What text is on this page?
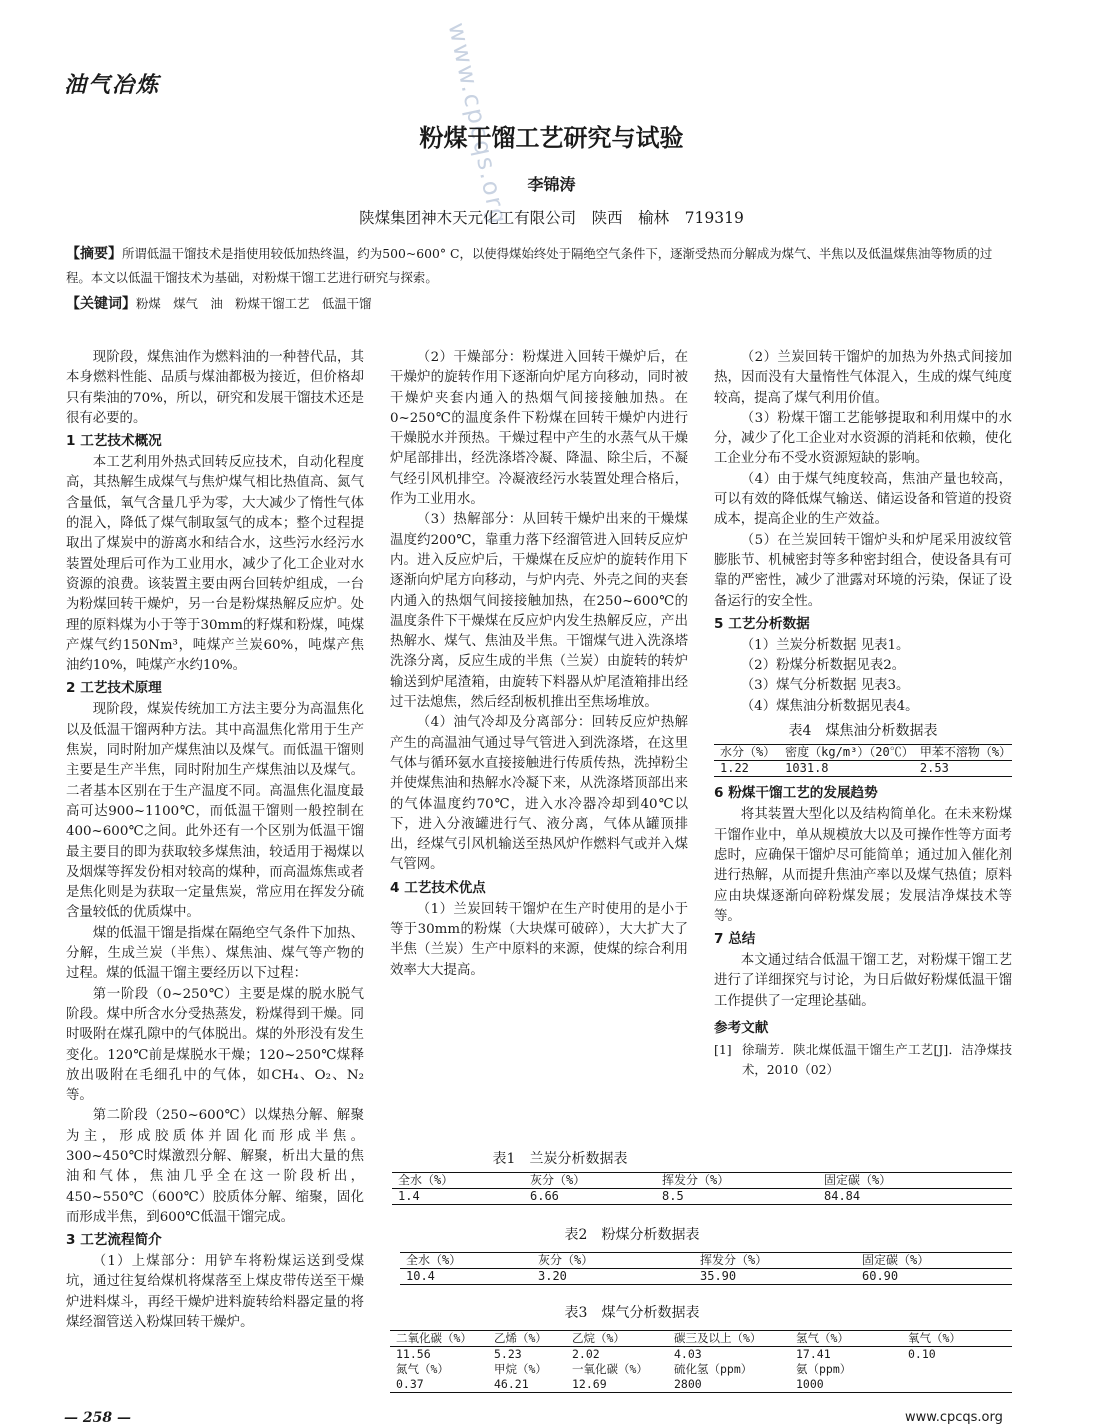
www.cpcqs.org
油气冶炼
粉煤干馏工艺研究与试验
李锦涛
陕煤集团神木天元化工有限公司　陕西　榆林　719319
【摘要】所谓低温干馏技术是指使用较低加热终温，约为500~600° C，以使得煤始终处于隔绝空气条件下，逐渐受热而分解成为煤气、半焦以及低温煤焦油等物质的过程。本文以低温干馏技术为基础，对粉煤干馏工艺进行研究与探索。
【关键词】粉煤　煤气　油　粉煤干馏工艺　低温干馏

现阶段，煤焦油作为燃料油的一种替代品，其本身燃料性能、品质与煤油都极为接近，但价格却只有柴油的70%，所以，研究和发展干馏技术还是很有必要的。

1 工艺技术概况

本工艺利用外热式回转反应技术，自动化程度高，其热解生成煤气与焦炉煤气相比热值高、氮气含量低，氧气含量几乎为零，大大减少了惰性气体的混入，降低了煤气制取氢气的成本；整个过程提取出了煤炭中的游离水和结合水，这些污水经污水装置处理后可作为工业用水，减少了化工企业对水资源的浪费。该装置主要由两台回转炉组成，一台为粉煤回转干燥炉，另一台是粉煤热解反应炉。处理的原料煤为小于等于30mm的籽煤和粉煤，吨煤产煤气约150Nm³，吨煤产兰炭60%，吨煤产焦油约10%，吨煤产水约10%。

2 工艺技术原理

现阶段，煤炭传统加工方法主要分为高温焦化以及低温干馏两种方法。其中高温焦化常用于生产焦炭，同时附加产煤焦油以及煤气。而低温干馏则主要是生产半焦，同时附加生产煤焦油以及煤气。二者基本区别在于生产温度不同。高温焦化温度最高可达900~1100℃，而低温干馏则一般控制在400~600℃之间。此外还有一个区别为低温干馏最主要目的即为获取较多煤焦油，较适用于褐煤以及烟煤等挥发份相对较高的煤种，而高温炼焦或者是焦化则是为获取一定量焦炭，常应用在挥发分硫含量较低的优质煤中。

煤的低温干馏是指煤在隔绝空气条件下加热、分解，生成兰炭（半焦）、煤焦油、煤气等产物的过程。煤的低温干馏主要经历以下过程：

第一阶段（0~250℃）主要是煤的脱水脱气阶段。煤中所含水分受热蒸发，粉煤得到干燥。同时吸附在煤孔隙中的气体脱出。煤的外形没有发生变化。120℃前是煤脱水干燥；120~250℃煤释放出吸附在毛细孔中的气体，如CH₄、O₂、N₂等。

第二阶段（250~600℃）以煤热分解、解聚为主，形成胶质体并固化而形成半焦。300~450℃时煤激烈分解、解聚，析出大量的焦油和气体，焦油几乎全在这一阶段析出，450~550℃（600℃）胶质体分解、缩聚，固化而形成半焦，到600℃低温干馏完成。

3 工艺流程简介

（1）上煤部分：用铲车将粉煤运送到受煤坑，通过往复给煤机将煤落至上煤皮带传送至干燥炉进料煤斗，再经干燥炉进料旋转给料器定量的将煤经溜管送入粉煤回转干燥炉。

（2）干燥部分：粉煤进入回转干燥炉后，在干燥炉的旋转作用下逐渐向炉尾方向移动，同时被干燥炉夹套内通入的热烟气间接接触加热。在0~250℃的温度条件下粉煤在回转干燥炉内进行干燥脱水并预热。干燥过程中产生的水蒸气从干燥炉尾部排出，经洗涤塔冷凝、降温、除尘后，不凝气经引风机排空。冷凝液经污水装置处理合格后，作为工业用水。

（3）热解部分：从回转干燥炉出来的干燥煤温度约200℃，靠重力落下经溜管进入回转反应炉内。进入反应炉后，干燥煤在反应炉的旋转作用下逐渐向炉尾方向移动，与炉内壳、外壳之间的夹套内通入的热烟气间接接触加热，在250~600℃的温度条件下干燥煤在反应炉内发生热解反应，产出热解水、煤气、焦油及半焦。干馏煤气进入洗涤塔洗涤分离，反应生成的半焦（兰炭）由旋转的转炉输送到炉尾渣箱，由旋转下料器从炉尾渣箱排出经过干法熄焦，然后经刮板机推出至焦场堆放。

（4）油气冷却及分离部分：回转反应炉热解产生的高温油气通过导气管进入到洗涤塔，在这里气体与循环氨水直接接触进行传质传热，洗掉粉尘并使煤焦油和热解水冷凝下来，从洗涤塔顶部出来的气体温度约70℃，进入水冷器冷却到40℃以下，进入分液罐进行气、液分离，气体从罐顶排出，经煤气引风机输送至热风炉作燃料气或并入煤气管网。

4 工艺技术优点

（1）兰炭回转干馏炉在生产时使用的是小于等于30mm的粉煤（大块煤可破碎），大大扩大了半焦（兰炭）生产中原料的来源，使煤的综合利用效率大大提高。

（2）兰炭回转干馏炉的加热为外热式间接加热，因而没有大量惰性气体混入，生成的煤气纯度较高，提高了煤气利用价值。

（3）粉煤干馏工艺能够提取和利用煤中的水分，减少了化工企业对水资源的消耗和依赖，使化工企业分布不受水资源短缺的影响。

（4）由于煤气纯度较高，焦油产量也较高，可以有效的降低煤气输送、储运设备和管道的投资成本，提高企业的生产效益。

（5）在兰炭回转干馏炉头和炉尾采用波纹管膨胀节、机械密封等多种密封组合，使设备具有可靠的严密性，减少了泄露对环境的污染，保证了设备运行的安全性。

5 工艺分析数据

（1）兰炭分析数据 见表1。

（2）粉煤分析数据见表2。

（3）煤气分析数据 见表3。

（4）煤焦油分析数据见表4。

表4　煤焦油分析数据表
水分（%）	密度（kg/m³）（20℃）	甲苯不溶物（%）
1.22	1031.8	2.53
6 粉煤干馏工艺的发展趋势

将其装置大型化以及结构简单化。在未来粉煤干馏作业中，单从规模放大以及可操作性等方面考虑时，应确保干馏炉尽可能简单；通过加入催化剂进行热解，从而提升焦油产率以及煤气热值；原料应由块煤逐渐向碎粉煤发展；发展洁净煤技术等等。

7 总结

本文通过结合低温干馏工艺，对粉煤干馏工艺进行了详细探究与讨论，为日后做好粉煤低温干馏工作提供了一定理论基础。

参考文献
[1] 徐瑞芳．陕北煤低温干馏生产工艺[J]．洁净煤技术，2010（02）
表1　兰炭分析数据表
全水（%）	灰分（%）	挥发分（%）	固定碳（%）
1.4	6.66	8.5	84.84
表2　粉煤分析数据表
全水（%）	灰分（%）	挥发分（%）	固定碳（%）
10.4	3.20	35.90	60.90
表3　煤气分析数据表
二氧化碳（%）	乙烯（%）	乙烷（%）	碳三及以上（%）	氢气（%）	氧气（%）
11.56	5.23	2.02	4.03	17.41	0.10
氮气（%）	甲烷（%）	一氧化碳（%）	硫化氢（ppm）	氨（ppm）	
0.37	46.21	12.69	2800	1000	
— 258 —	www.cpcqs.org
